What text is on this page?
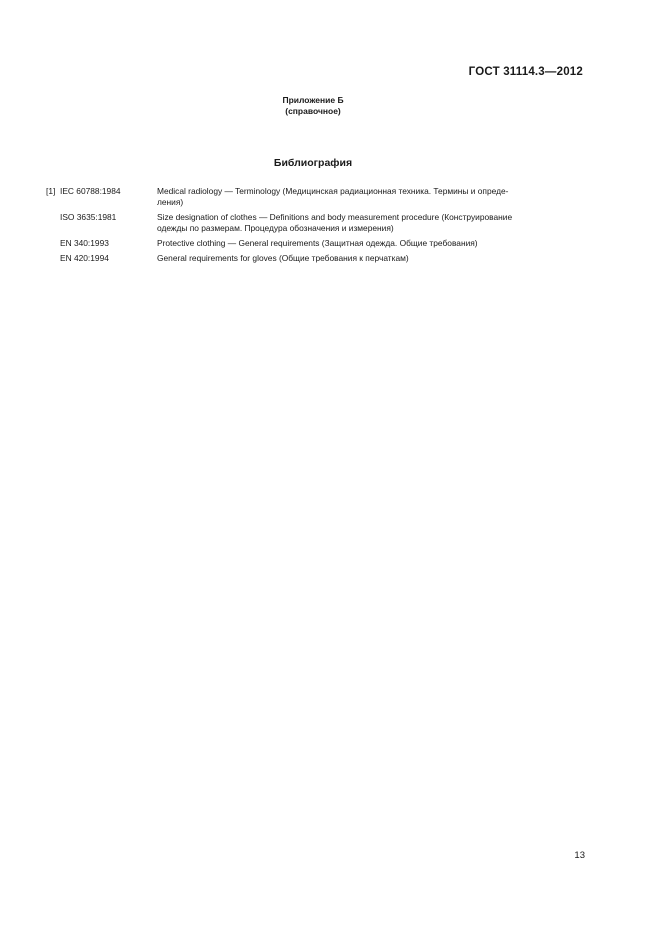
ГОСТ 31114.3—2012
Приложение Б
(справочное)
Библиография
[1] IEC 60788:1984	Medical radiology — Terminology (Медицинская радиационная техника. Термины и опреде-
ления)
ISO 3635:1981	Size designation of clothes — Definitions and body measurement procedure (Конструирование
одежды по размерам. Процедура обозначения и измерения)
EN 340:1993	Protective clothing — General requirements (Защитная одежда. Общие требования)
EN 420:1994	General requirements for gloves (Общие требования к перчаткам)
13
